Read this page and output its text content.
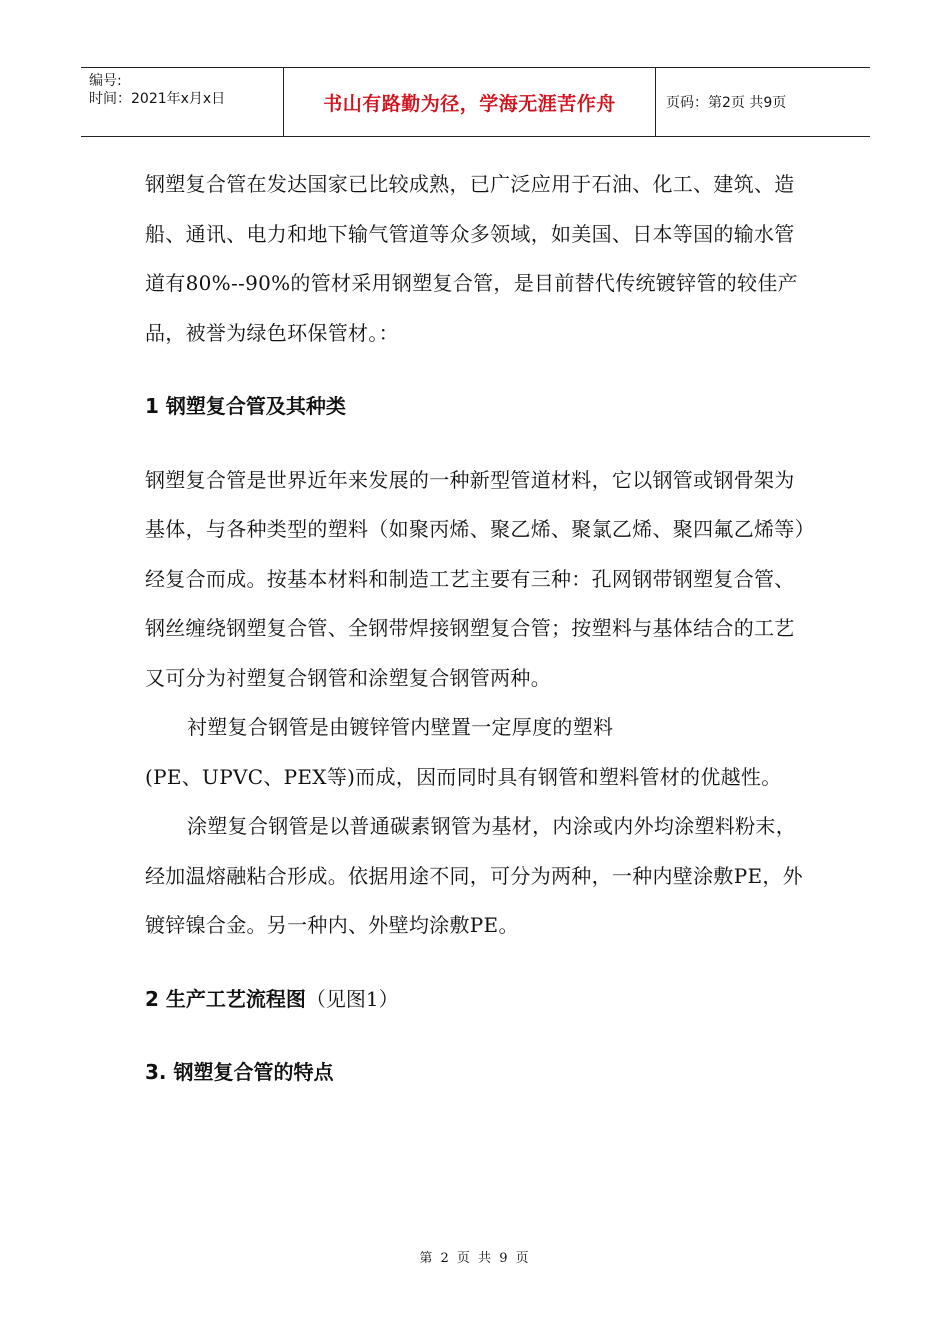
编号:
时间：2021年x月x日	书山有路勤为径，学海无涯苦作舟	页码：第2页 共9页

钢塑复合管在发达国家已比较成熟，已广泛应用于石油、化工、建筑、造船、通讯、电力和地下输气管道等众多领域，如美国、日本等国的输水管道有80%--90%的管材采用钢塑复合管，是目前替代传统镀锌管的较佳产品，被誉为绿色环保管材。：

1 钢塑复合管及其种类

钢塑复合管是世界近年来发展的一种新型管道材料，它以钢管或钢骨架为基体，与各种类型的塑料（如聚丙烯、聚乙烯、聚氯乙烯、聚四氟乙烯等）经复合而成。按基本材料和制造工艺主要有三种：孔网钢带钢塑复合管、钢丝缠绕钢塑复合管、全钢带焊接钢塑复合管；按塑料与基体结合的工艺又可分为衬塑复合钢管和涂塑复合钢管两种。

衬塑复合钢管是由镀锌管内壁置一定厚度的塑料

(PE、UPVC、PEX等)而成，因而同时具有钢管和塑料管材的优越性。

涂塑复合钢管是以普通碳素钢管为基材，内涂或内外均涂塑料粉末，经加温熔融粘合形成。依据用途不同，可分为两种，一种内壁涂敷PE，外镀锌镍合金。另一种内、外壁均涂敷PE。

2 生产工艺流程图（见图1）
3. 钢塑复合管的特点
第 2 页 共 9 页
